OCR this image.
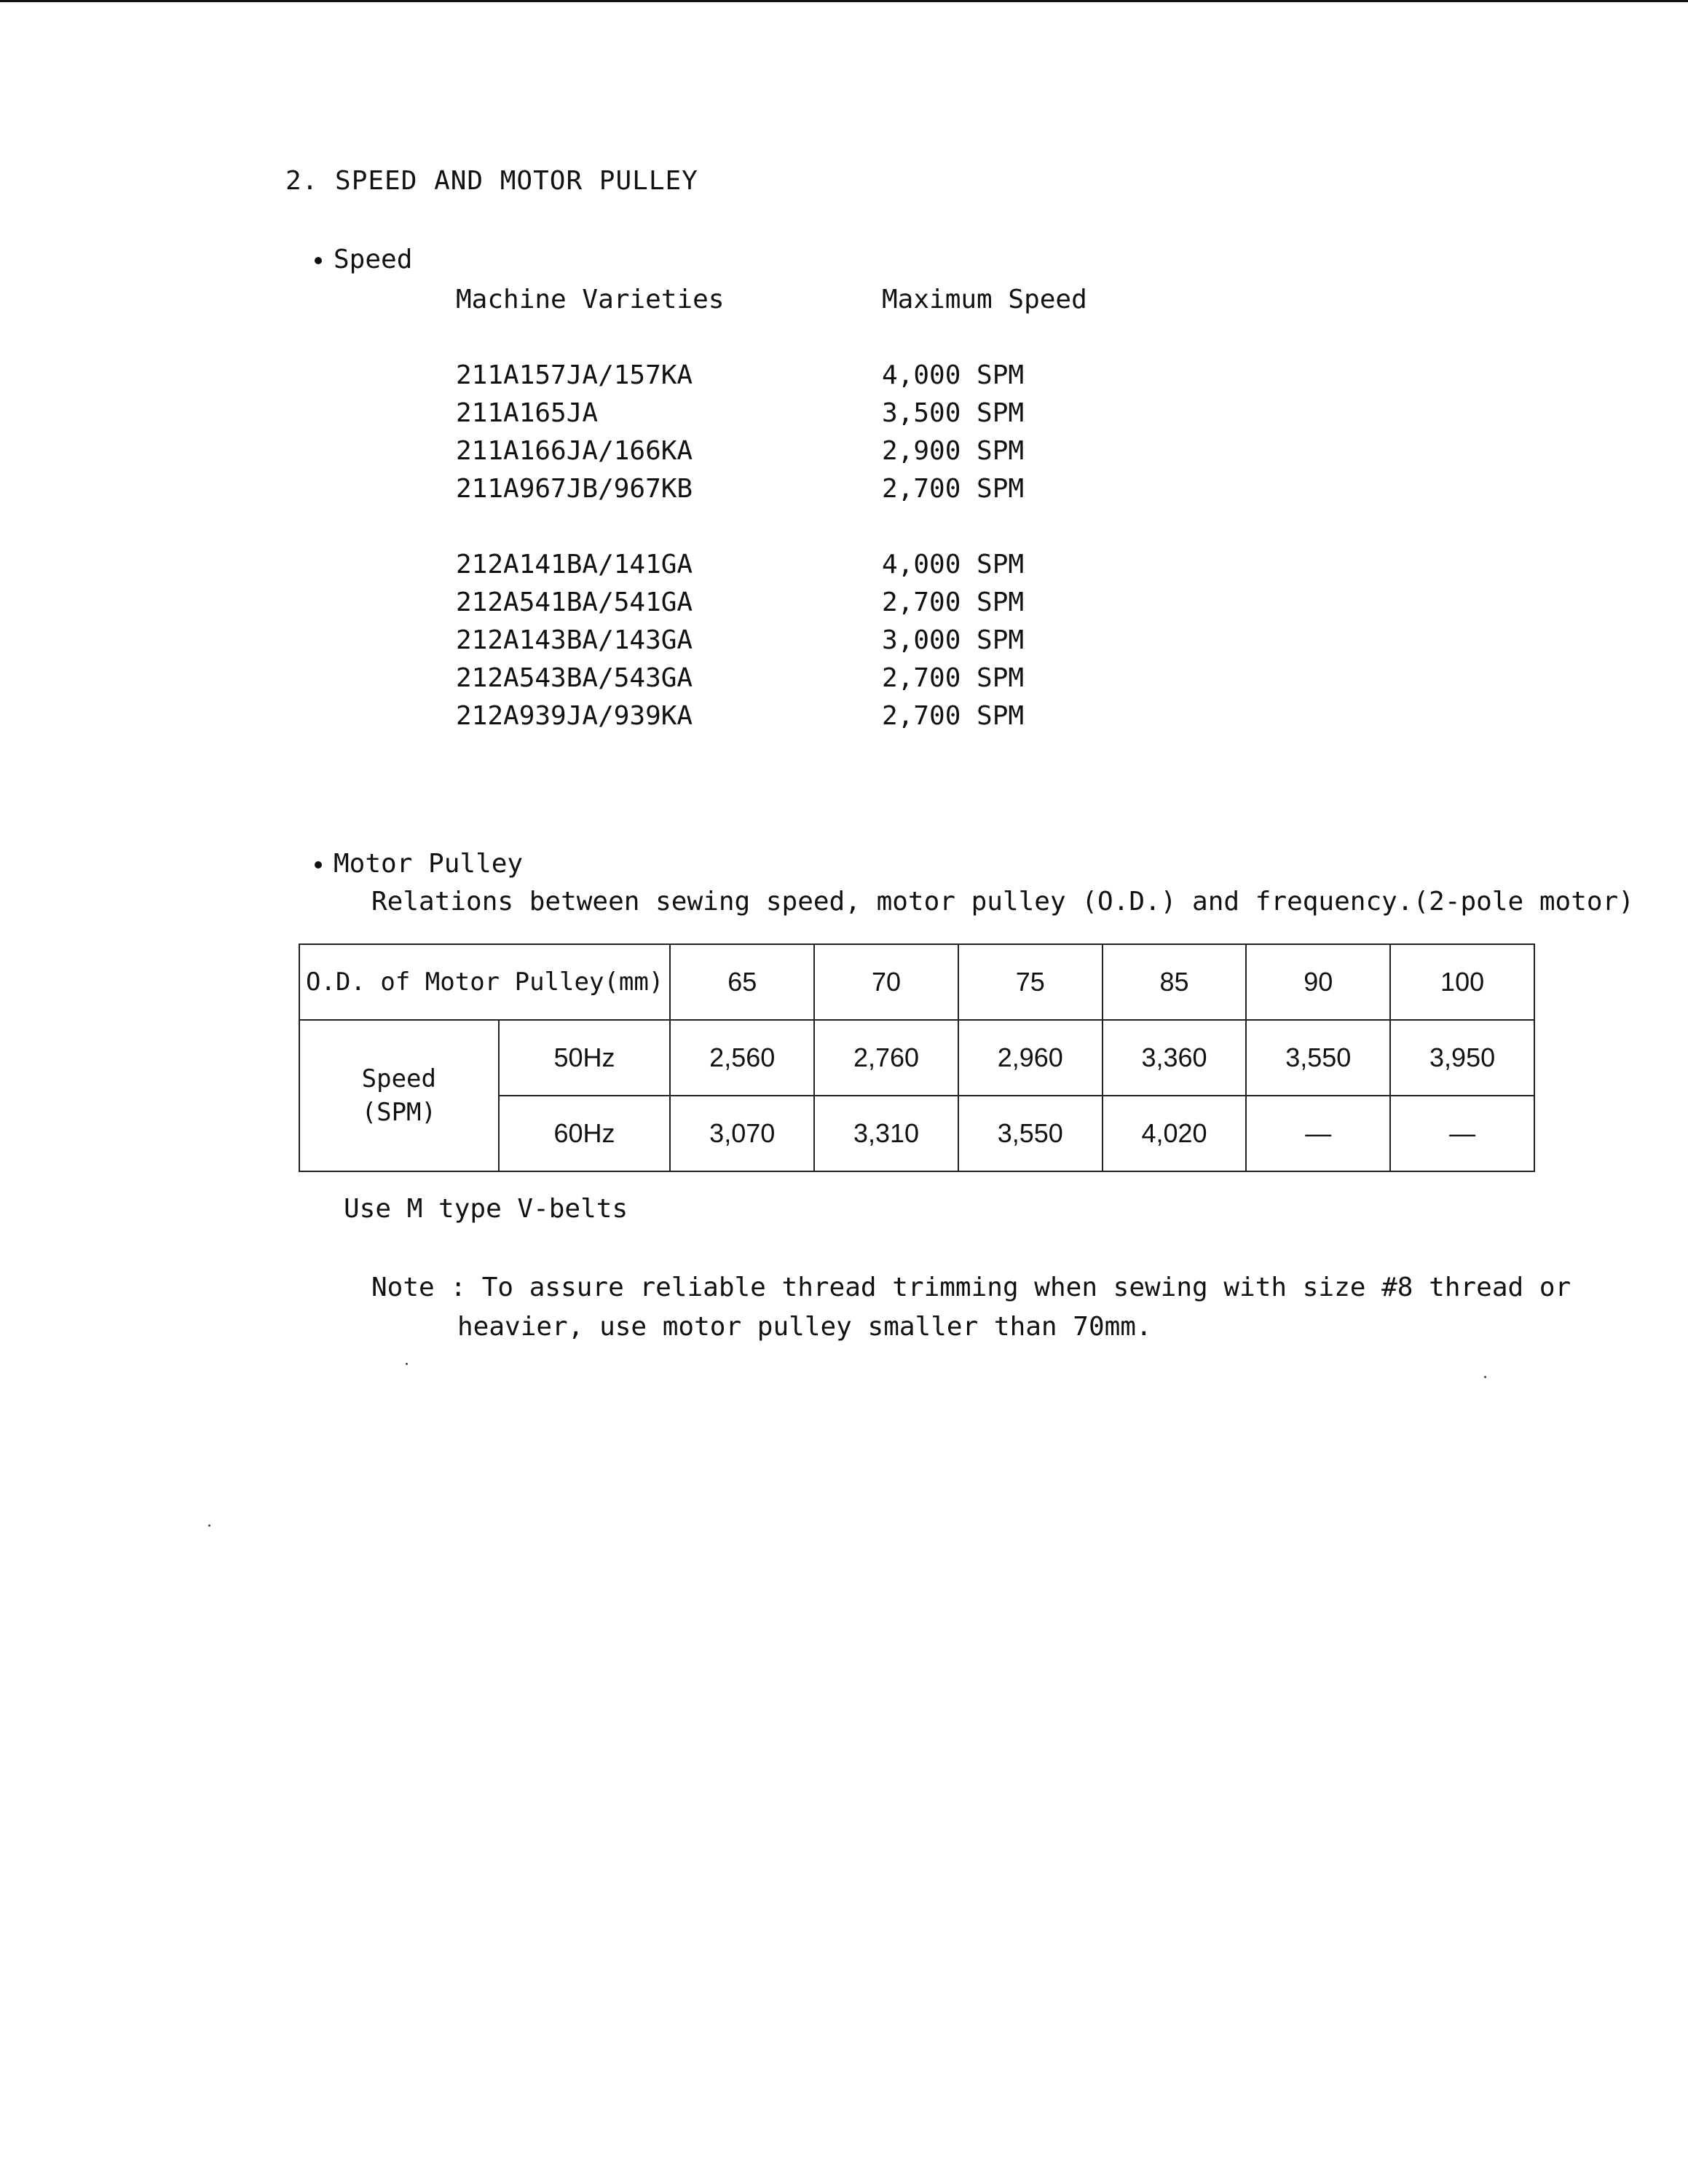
2. SPEED AND MOTOR PULLEY
Speed
Machine Varieties	Maximum Speed
211A157JA/157KA	4,000 SPM
211A165JA	3,500 SPM
211A166JA/166KA	2,900 SPM
211A967JB/967KB	2,700 SPM
212A141BA/141GA	4,000 SPM
212A541BA/541GA	2,700 SPM
212A143BA/143GA	3,000 SPM
212A543BA/543GA	2,700 SPM
212A939JA/939KA	2,700 SPM
Motor Pulley
Relations between sewing speed, motor pulley (O.D.) and frequency.(2-pole motor)
O.D. of Motor Pulley(mm)		65	70	75	85	90	100

Speed
(SPM)	50Hz	2,560	2,760	2,960	3,360	3,550	3,950
	60Hz	3,070	3,310	3,550	4,020	—	—
Use M type V-belts
Note : To assure reliable thread trimming when sewing with size #8 thread or
heavier, use motor pulley smaller than 70mm.
